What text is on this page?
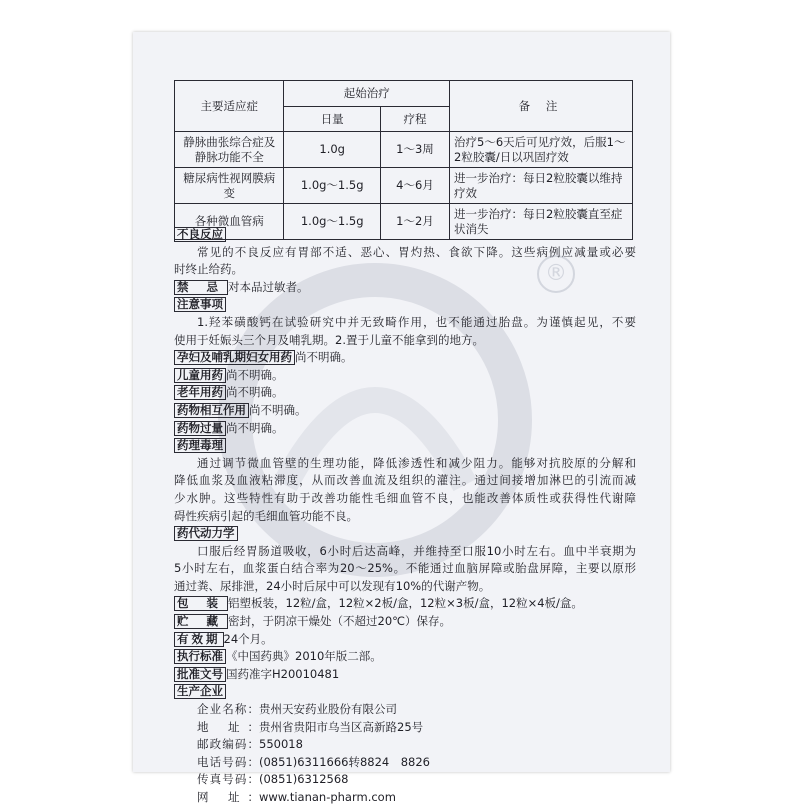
®
主要适应症	起始治疗		备 注
	日量	疗程	
静脉曲张综合症及静脉功能不全	1.0g	1～3周	治疗5～6天后可见疗效，后服1～2粒胶囊/日以巩固疗效
糖尿病性视网膜病变	1.0g～1.5g	4～6月	进一步治疗：每日2粒胶囊以维持疗效
各种微血管病	1.0g～1.5g	1～2月	进一步治疗：每日2粒胶囊直至症状消失
不良反应
常见的不良反应有胃部不适、恶心、胃灼热、食欲下降。这些病例应减量或必要
时终止给药。
禁 忌 对本品过敏者。
注意事项
1.羟苯磺酸钙在试验研究中并无致畸作用，也不能通过胎盘。为谨慎起见，不要
使用于妊娠头三个月及哺乳期。2.置于儿童不能拿到的地方。
孕妇及哺乳期妇女用药 尚不明确。
儿童用药 尚不明确。
老年用药 尚不明确。
药物相互作用 尚不明确。
药物过量 尚不明确。
药理毒理
通过调节微血管壁的生理功能，降低渗透性和减少阻力。能够对抗胶原的分解和
降低血浆及血液粘滞度，从而改善血流及组织的灌注。通过间接增加淋巴的引流而减
少水肿。这些特性有助于改善功能性毛细血管不良，也能改善体质性或获得性代谢障
碍性疾病引起的毛细血管功能不良。
药代动力学
口服后经胃肠道吸收，6小时后达高峰，并维持至口服10小时左右。血中半衰期为
5小时左右，血浆蛋白结合率为20～25%。不能通过血脑屏障或胎盘屏障，主要以原形
通过粪、尿排泄，24小时后尿中可以发现有10%的代谢产物。
包 装 铝塑板装，12粒/盒，12粒×2板/盒，12粒×3板/盒，12粒×4板/盒。
贮 藏 密封，于阴凉干燥处（不超过20℃）保存。
有效期 24个月。
执行标准 《中国药典》2010年版二部。
批准文号 国药准字H20010481
生产企业
企业名称：贵州天安药业股份有限公司
地 址：贵州省贵阳市乌当区高新路25号
邮政编码：550018
电话号码：(0851)6311666转8824　8826
传真号码：(0851)6312568
网 址：www.tianan-pharm.com
